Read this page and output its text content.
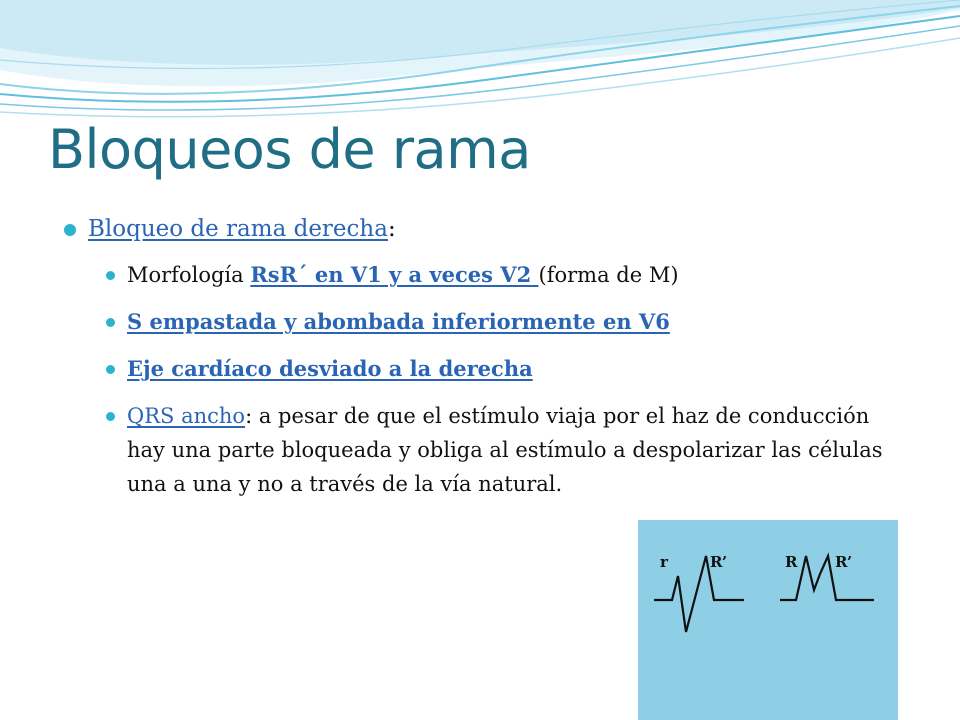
Bloqueos de rama
Bloqueo de rama derecha:
Morfología RsR´ en V1 y a veces V2 (forma de M)
S empastada y abombada inferiormente en V6
Eje cardíaco desviado a la derecha
QRS ancho: a pesar de que el estímulo viaja por el haz de conducción hay una parte bloqueada y obliga al estímulo a despolarizar las células una a una y no a través de la vía natural.
r	R’	R	R’
